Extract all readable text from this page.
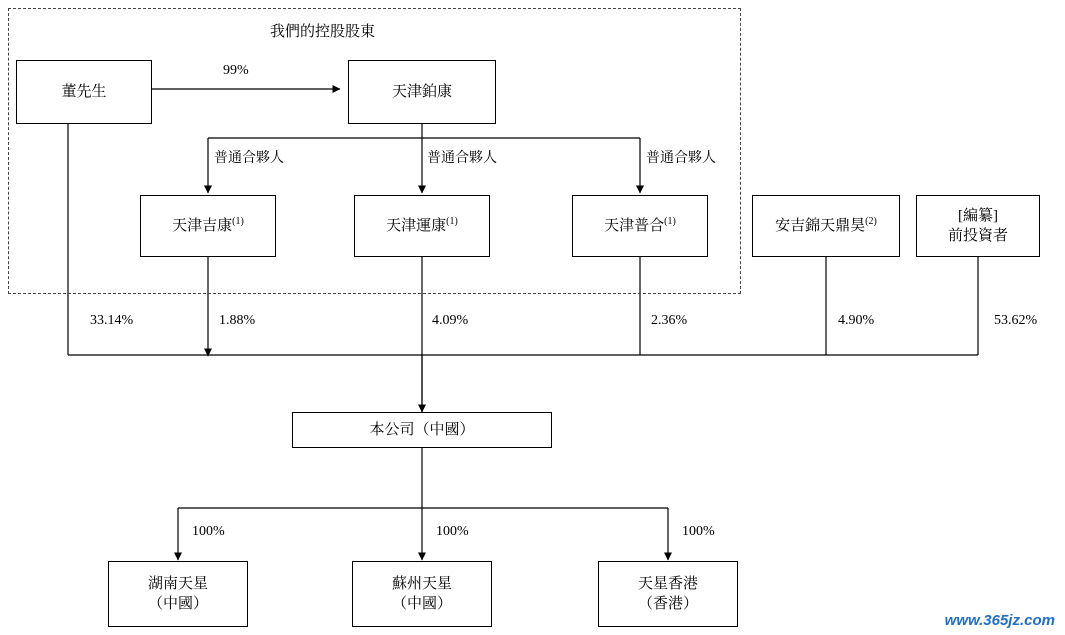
我們的控股股東
董先生	天津鉑康
天津吉康$^{(1)}$	天津運康$^{(1)}$	天津普合$^{(1)}$	安吉錦天鼎昊$^{(2)}$	[編纂]
前投資者
本公司（中國）
湖南天星
（中國）
蘇州天星
（中國）
天星香港
（香港）
99%
普通合夥人	普通合夥人	普通合夥人
33.14%	1.88%	4.09%	2.36%	4.90%	53.62%
100%	100%	100%
www.365jz.com
